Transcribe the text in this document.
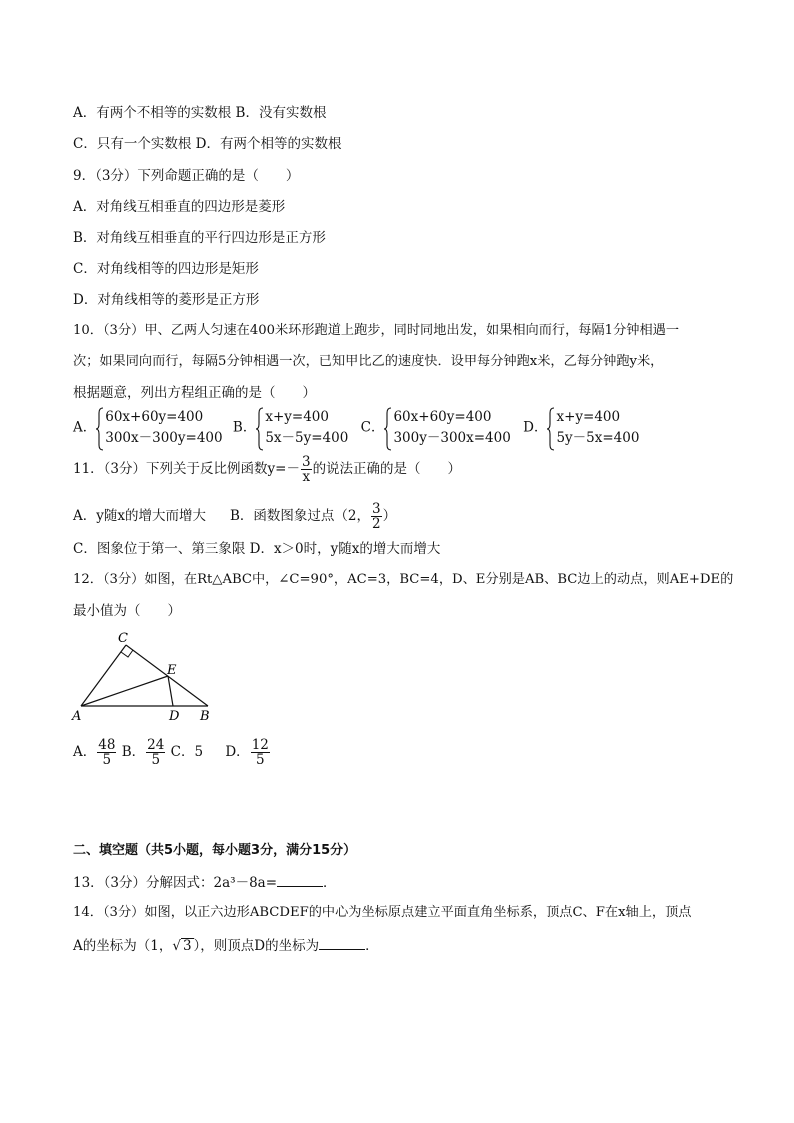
A．有两个不相等的实数根 B．没有实数根
C．只有一个实数根 D．有两个相等的实数根
9．（3分）下列命题正确的是（　　）
A．对角线互相垂直的四边形是菱形
B．对角线互相垂直的平行四边形是正方形
C．对角线相等的四边形是矩形
D．对角线相等的菱形是正方形
10．（3分）甲、乙两人匀速在400米环形跑道上跑步，同时同地出发，如果相向而行，每隔1分钟相遇一
次；如果同向而行，每隔5分钟相遇一次，已知甲比乙的速度快．设甲每分钟跑x米，乙每分钟跑y米，
根据题意，列出方程组正确的是（　　）
A．
60x+60y=400
300x－300y=400
B．
x+y=400
5x－5y=400
C．
60x+60y=400
300y－300x=400
D．
x+y=400
5y－5x=400
11．（3分）下列关于反比例函数$y=- \frac{3}{x}$ 的说法正确的是（　　）
A．y随x的增大而增大 B．函数图象过点（2， $\frac{3}{2}$ ）
C．图象位于第一、第三象限 D．x＞0时，y随x的增大而增大
12．（3分）如图，在Rt△ABC中，∠C=90°，AC=3，BC=4，D、E分别是AB、BC边上的动点，则AE+DE的
最小值为（　　）
C
E
A	D B
A． $\frac{48}{5}$ B． $\frac{24}{5}$ C．5 D． $\frac{12}{5}$
二、填空题（共5小题，每小题3分，满分15分）
13．（3分）分解因式：2a³－8a=	．
14．（3分）如图，以正六边形ABCDEF的中心为坐标原点建立平面直角坐标系，顶点C、F在x轴上，顶点
A的坐标为（1，√ 3 ），则顶点D的坐标为	．
